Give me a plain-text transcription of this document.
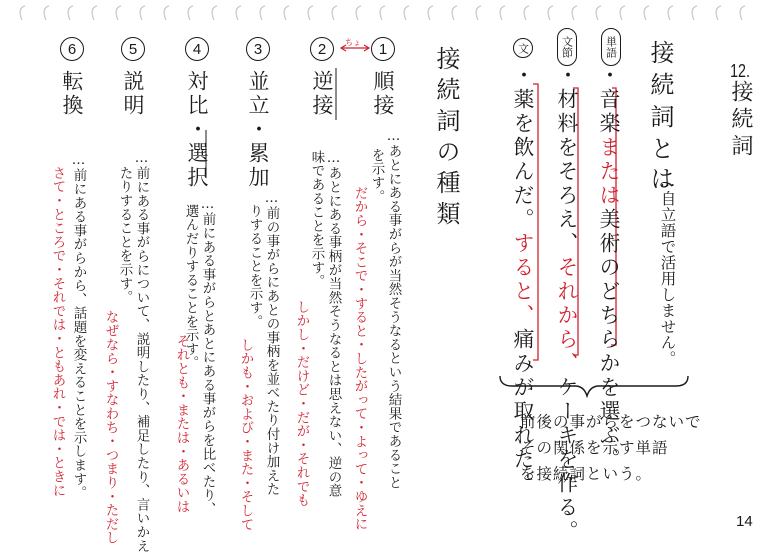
12.接続詞
接続詞とは
…自立語で活用しません。
単語
文節
文
・音楽または美術のどちらかを選ぶ。
・材料をそろえ、それから、ケーキを作る。
・薬を飲んだ。すると、痛みが取れた。
前後の事がらをつないで
その関係を示す単語
を接続詞という。
接続詞の種類
ちょ	1
順接
…あとにある事がらが当然そうなるという結果であること
を示す。
だから・そこで・すると・したがって・よって・ゆえに
2
逆接
…あとにある事柄が当然そうなるとは思えない、逆の意
味であることを示す。
しかし・だけど・だが・それでも
3
並立・累加
…前の事がらにあとの事柄を並べたり付け加えた
りすることを示す。
しかも・および・また・そして
4
対比・選択
…前にある事がらとあとにある事がらを比べたり、
選んだりすることを示す。
それとも・または・あるいは
5
説明
…前にある事がらについて、説明したり、補足したり、言いかえ
たりすることを示す。
なぜなら・すなわち・つまり・ただし
6
転換
…前にある事がらから、話題を変えることを示します。
さて・ところで・それでは・ともあれ・では・ときに
14
